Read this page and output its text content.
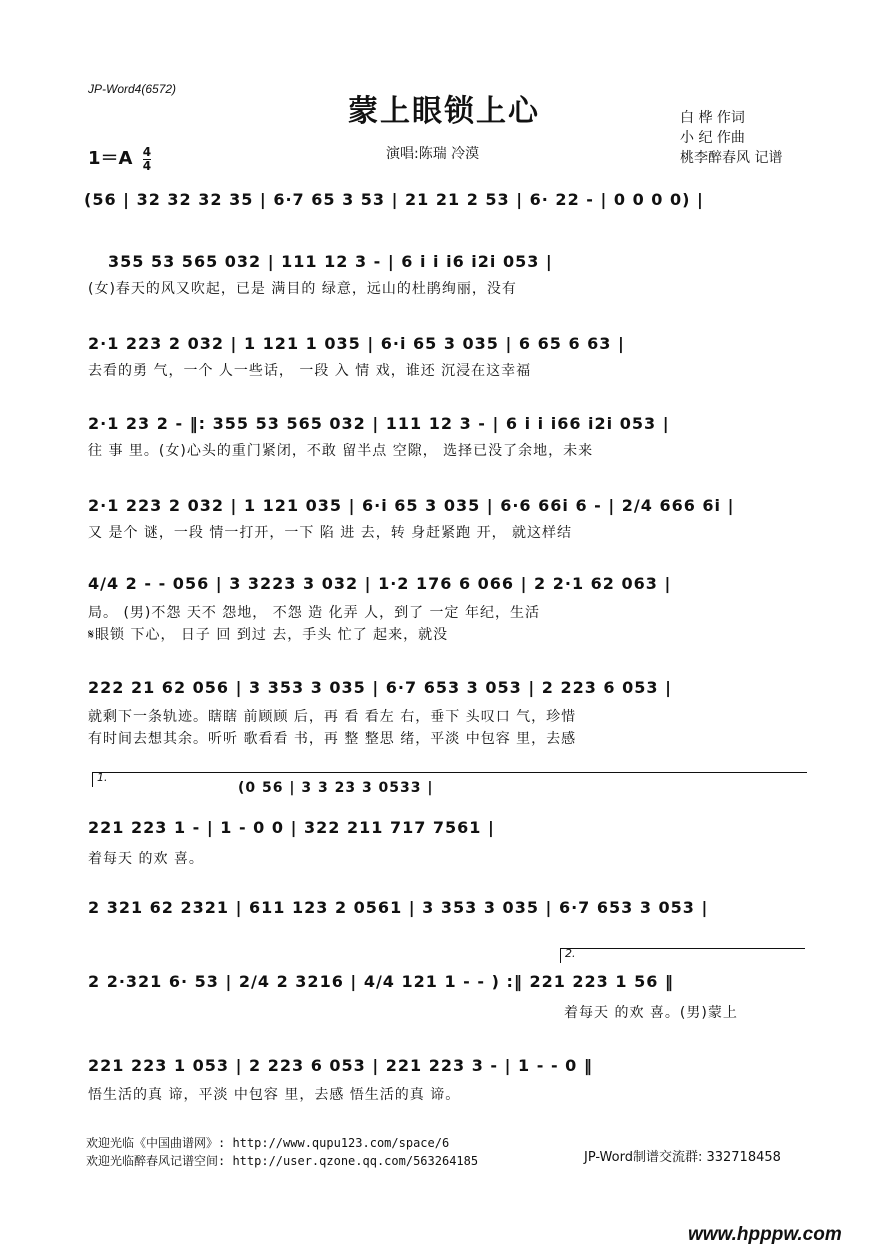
JP-Word4(6572)
蒙上眼锁上心	白 桦 作词
小 纪 作曲
桃李醉春风 记谱
$1=A \frac{4}{4}$	演唱:陈瑞 冷漠
(56 | 32 32 32 35 | 6·7 65 3 53 | 21 21 2 53 | 6· 22 - | 0 0 0 0) |
355 53 565 032 | 111 12 3 - | 6 i i i6 i2i 053 |
(女)春天的风又吹起，已是 满目的 绿意，远山的杜鹃绚丽，没有
2·1 223 2 032 | 1 121 1 035 | 6·i 65 3 035 | 6 65 6 63 |
去看的勇 气，一个 人一些话， 一段 入 情 戏，谁还 沉浸在这幸福
2·1 23 2 - ‖: 355 53 565 032 | 111 12 3 - | 6 i i i66 i2i 053 |
往 事 里。(女)心头的重门紧闭，不敢 留半点 空隙， 选择已没了余地，未来
2·1 223 2 032 | 1 121 035 | 6·i 65 3 035 | 6·6 66i 6 - | 2/4 666 6i |
又 是个 谜，一段 情一打开，一下 陷 进 去，转 身赶紧跑 开， 就这样结
4/4 2 - - 056 | 3 3223 3 032 | 1·2 176 6 066 | 2 2·1 62 063 |
局。 (男)不怨 天不 怨地， 不怨 造 化弄 人，到了 一定 年纪，生活
𝄋眼锁 下心， 日子 回 到过 去，手头 忙了 起来，就没
222 21 62 056 | 3 353 3 035 | 6·7 653 3 053 | 2 223 6 053 |
就剩下一条轨迹。瞎瞎 前顾顾 后，再 看 看左 右，垂下 头叹口 气，珍惜
有时间去想其余。听听 歌看看 书，再 整 整思 绪，平淡 中包容 里，去感
1.
(0 56 | 3 3 23 3 0533 |
221 223 1 - | 1 - 0 0 | 322 211 717 7561 |
着每天 的欢 喜。
2 321 62 2321 | 611 123 2 0561 | 3 353 3 035 | 6·7 653 3 053 |
2.
2 2·321 6· 53 | 2/4 2 3216 | 4/4 121 1 - - ) :‖ 221 223 1 56 ‖
着每天 的欢 喜。(男)蒙上
221 223 1 053 | 2 223 6 053 | 221 223 3 - | 1 - - 0 ‖
悟生活的真 谛，平淡 中包容 里，去感 悟生活的真 谛。
欢迎光临《中国曲谱网》: http://www.qupu123.com/space/6
欢迎光临醉春风记谱空间: http://user.qzone.qq.com/563264185	JP-Word制谱交流群: 332718458
www.hpppw.com
